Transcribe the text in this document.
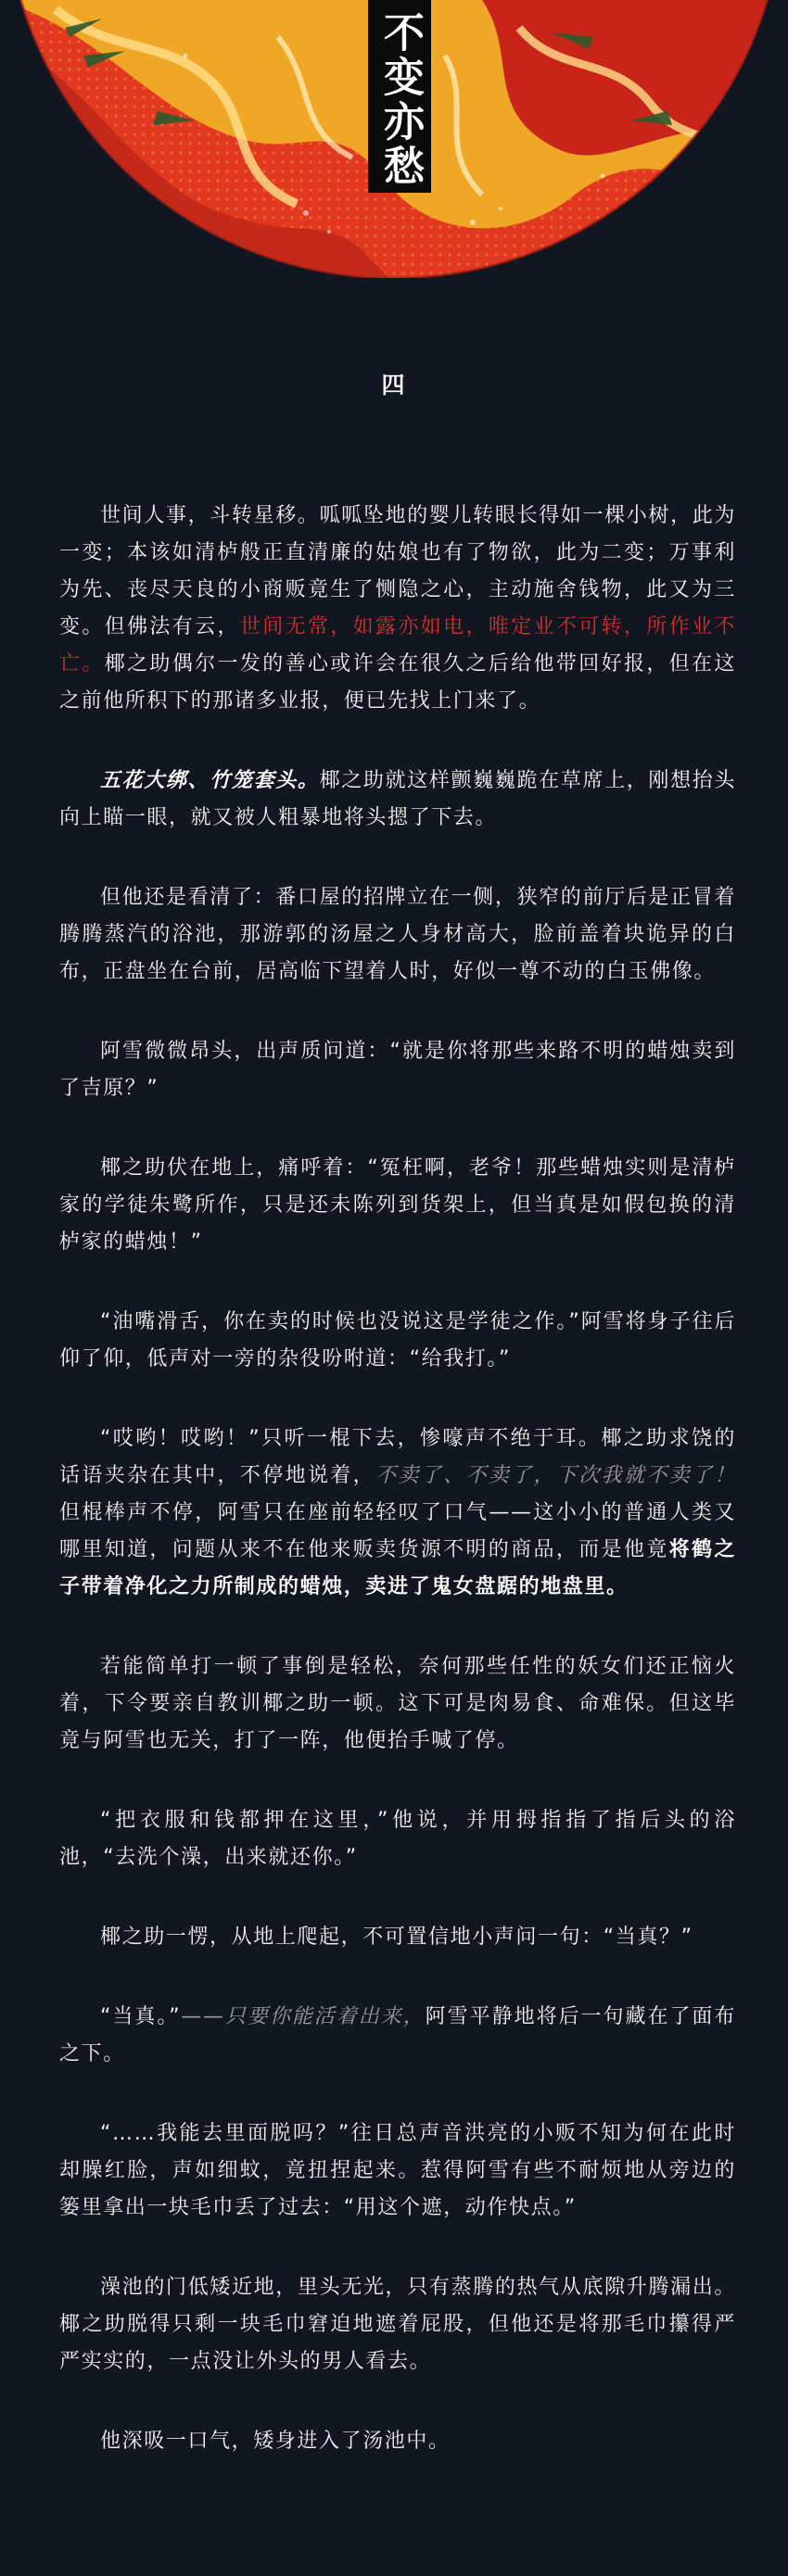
不变亦愁
四

世间人事，斗转星移。呱呱坠地的婴儿转眼长得如一棵小树，此为一变；本该如清栌般正直清廉的姑娘也有了物欲，此为二变；万事利为先、丧尽天良的小商贩竟生了恻隐之心，主动施舍钱物，此又为三变。但佛法有云，世间无常，如露亦如电，唯定业不可转，所作业不亡。椰之助偶尔一发的善心或许会在很久之后给他带回好报，但在这之前他所积下的那诸多业报，便已先找上门来了。

五花大绑、竹笼套头。椰之助就这样颤巍巍跪在草席上，刚想抬头向上瞄一眼，就又被人粗暴地将头摁了下去。

但他还是看清了：番口屋的招牌立在一侧，狭窄的前厅后是正冒着腾腾蒸汽的浴池，那游郭的汤屋之人身材高大，脸前盖着块诡异的白布，正盘坐在台前，居高临下望着人时，好似一尊不动的白玉佛像。

阿雪微微昂头，出声质问道：“就是你将那些来路不明的蜡烛卖到了吉原？”

椰之助伏在地上，痛呼着：“冤枉啊，老爷！那些蜡烛实则是清栌家的学徒朱鹭所作，只是还未陈列到货架上，但当真是如假包换的清栌家的蜡烛！”

“油嘴滑舌，你在卖的时候也没说这是学徒之作。”阿雪将身子往后仰了仰，低声对一旁的杂役吩咐道：“给我打。”

“哎哟！哎哟！”只听一棍下去，惨嚎声不绝于耳。椰之助求饶的话语夹杂在其中，不停地说着，不卖了、不卖了，下次我就不卖了！但棍棒声不停，阿雪只在座前轻轻叹了口气——这小小的普通人类又哪里知道，问题从来不在他来贩卖货源不明的商品，而是他竟将鹤之子带着净化之力所制成的蜡烛，卖进了鬼女盘踞的地盘里。

若能简单打一顿了事倒是轻松，奈何那些任性的妖女们还正恼火着，下令要亲自教训椰之助一顿。这下可是肉易食、命难保。但这毕竟与阿雪也无关，打了一阵，他便抬手喊了停。

“把衣服和钱都押在这里，”他说，并用拇指指了指后头的浴池，“去洗个澡，出来就还你。”

椰之助一愣，从地上爬起，不可置信地小声问一句：“当真？”

“当真。”——只要你能活着出来，阿雪平静地将后一句藏在了面布之下。

“……我能去里面脱吗？”往日总声音洪亮的小贩不知为何在此时却臊红脸，声如细蚊，竟扭捏起来。惹得阿雪有些不耐烦地从旁边的篓里拿出一块毛巾丢了过去：“用这个遮，动作快点。”

澡池的门低矮近地，里头无光，只有蒸腾的热气从底隙升腾漏出。椰之助脱得只剩一块毛巾窘迫地遮着屁股，但他还是将那毛巾攥得严严实实的，一点没让外头的男人看去。

他深吸一口气，矮身进入了汤池中。
